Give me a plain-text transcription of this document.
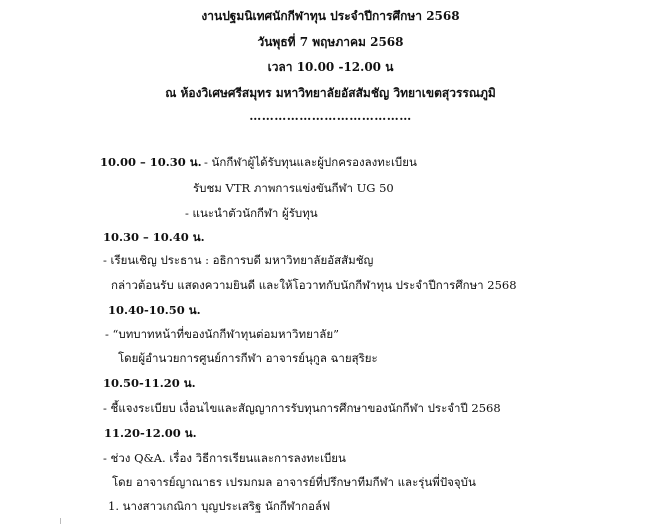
งานปฐมนิเทศนักกีฬาทุน ประจำปีการศึกษา 2568
วันพุธที่ 7 พฤษภาคม 2568
เวลา 10.00 -12.00 น
ณ ห้องวิเศษศรีสมุทร มหาวิทยาลัยอัสสัมชัญ วิทยาเขตสุวรรณภูมิ
…………………………………
10.00 – 10.30 น. - นักกีฬาผู้ได้รับทุนและผู้ปกครองลงทะเบียน
รับชม VTR ภาพการแข่งขันกีฬา UG 50
- แนะนำตัวนักกีฬา ผู้รับทุน
10.30 – 10.40 น.
- เรียนเชิญ ประธาน : อธิการบดี มหาวิทยาลัยอัสสัมชัญ
กล่าวต้อนรับ แสดงความยินดี และให้โอวาทกับนักกีฬาทุน ประจำปีการศึกษา 2568
10.40-10.50 น.
- “บทบาทหน้าที่ของนักกีฬาทุนต่อมหาวิทยาลัย”
โดยผู้อำนวยการศูนย์การกีฬา อาจารย์นุกูล ฉายสุริยะ
10.50-11.20 น.
- ชี้แจงระเบียบ เงื่อนไขและสัญญาการรับทุนการศึกษาของนักกีฬา ประจำปี 2568
11.20-12.00 น.
- ช่วง Q&A. เรื่อง วิธีการเรียนและการลงทะเบียน
โดย อาจารย์ญาณาธร เปรมกมล อาจารย์ที่ปรึกษาทีมกีฬา และรุ่นพี่ปัจจุบัน
1. นางสาวเกณิกา บุญประเสริฐ นักกีฬากอล์ฟ
